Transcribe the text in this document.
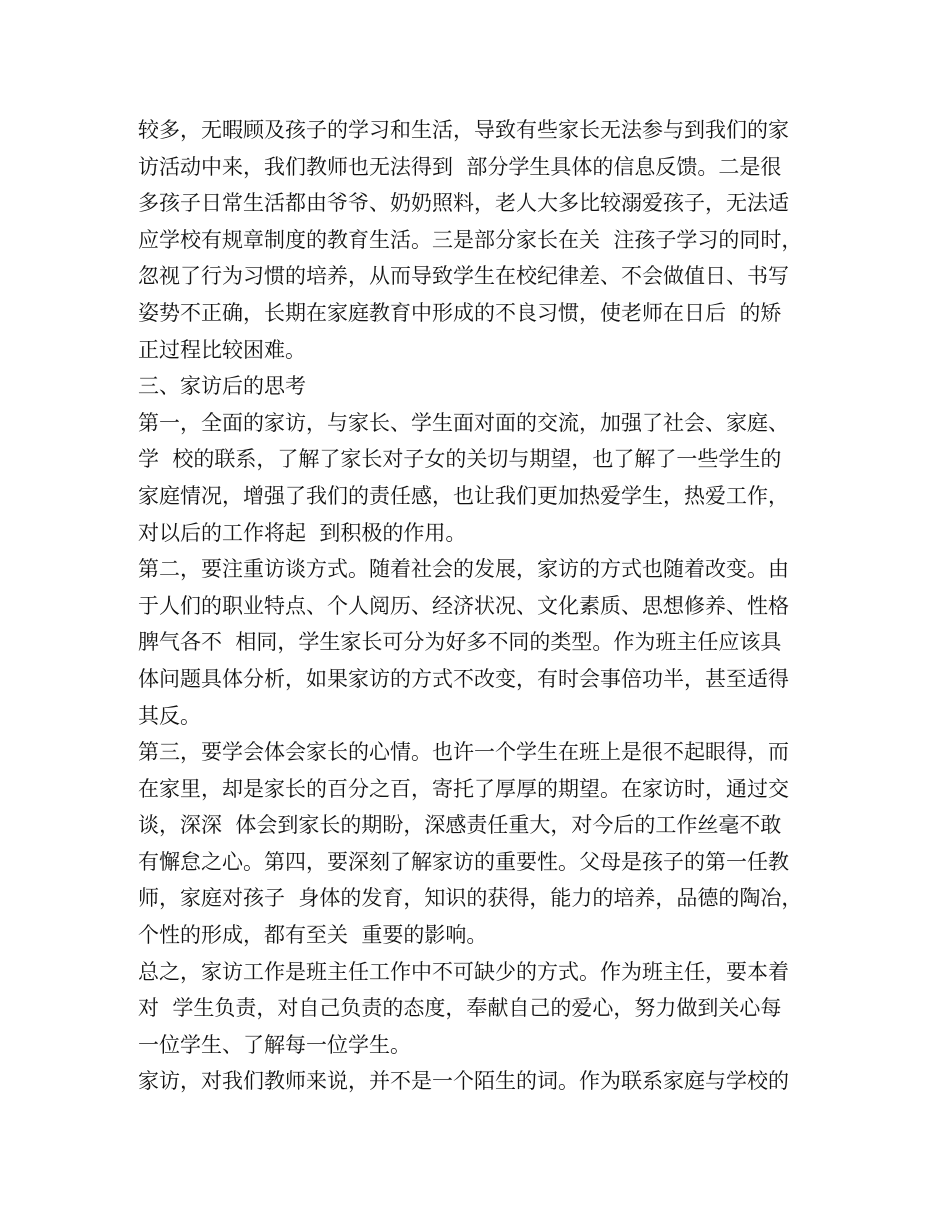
较多，无暇顾及孩子的学习和生活，导致有些家长无法参与到我们的家
访活动中来，我们教师也无法得到  部分学生具体的信息反馈。二是很
多孩子日常生活都由爷爷、奶奶照料，老人大多比较溺爱孩子，无法适
应学校有规章制度的教育生活。三是部分家长在关  注孩子学习的同时，
忽视了行为习惯的培养，从而导致学生在校纪律差、不会做值日、书写
姿势不正确，长期在家庭教育中形成的不良习惯，使老师在日后  的矫
正过程比较困难。
三、家访后的思考
第一，全面的家访，与家长、学生面对面的交流，加强了社会、家庭、
学  校的联系，了解了家长对子女的关切与期望，也了解了一些学生的
家庭情况，增强了我们的责任感，也让我们更加热爱学生，热爱工作，
对以后的工作将起  到积极的作用。
第二，要注重访谈方式。随着社会的发展，家访的方式也随着改变。由
于人们的职业特点、个人阅历、经济状况、文化素质、思想修养、性格
脾气各不  相同，学生家长可分为好多不同的类型。作为班主任应该具
体问题具体分析，如果家访的方式不改变，有时会事倍功半，甚至适得
其反。
第三，要学会体会家长的心情。也许一个学生在班上是很不起眼得，而
在家里，却是家长的百分之百，寄托了厚厚的期望。在家访时，通过交
谈，深深  体会到家长的期盼，深感责任重大，对今后的工作丝毫不敢
有懈怠之心。第四，要深刻了解家访的重要性。父母是孩子的第一任教
师，家庭对孩子  身体的发育，知识的获得，能力的培养，品德的陶冶，
个性的形成，都有至关  重要的影响。
总之，家访工作是班主任工作中不可缺少的方式。作为班主任，要本着
对  学生负责，对自己负责的态度，奉献自己的爱心，努力做到关心每
一位学生、了解每一位学生。
家访，对我们教师来说，并不是一个陌生的词。作为联系家庭与学校的
